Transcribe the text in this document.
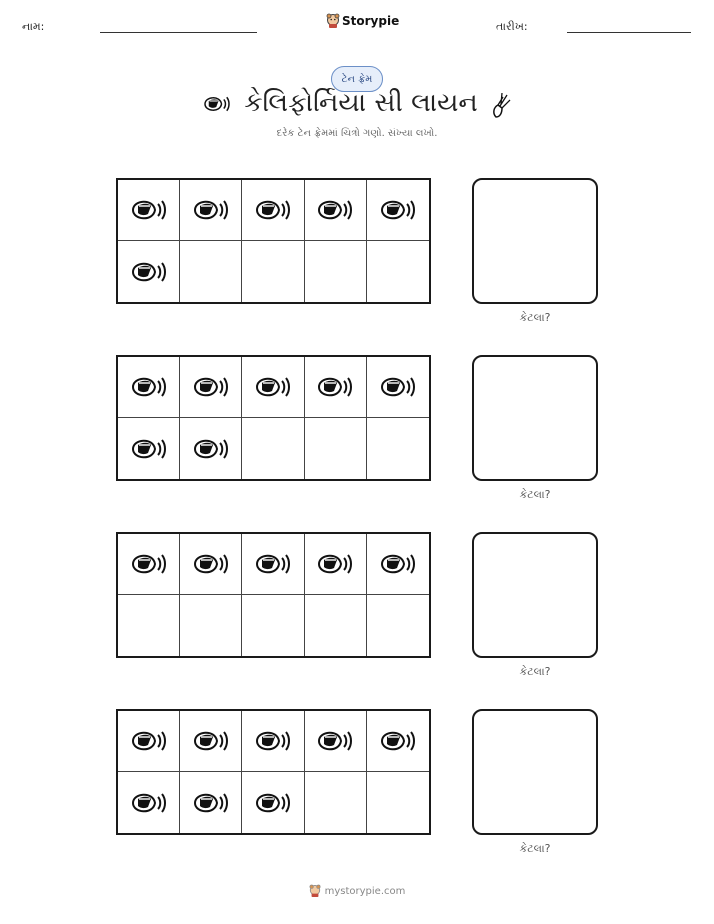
નામ:	Storypie	તારીખ:
ટેન ફ્રેમ
કેલિફોર્નિયા સી લાયન
દરેક ટેન ફ્રેમમાં ચિત્રો ગણો. સંખ્યા લખો.
કેટલા?
કેટલા?
કેટલા?
કેટલા?
mystorypie.com
